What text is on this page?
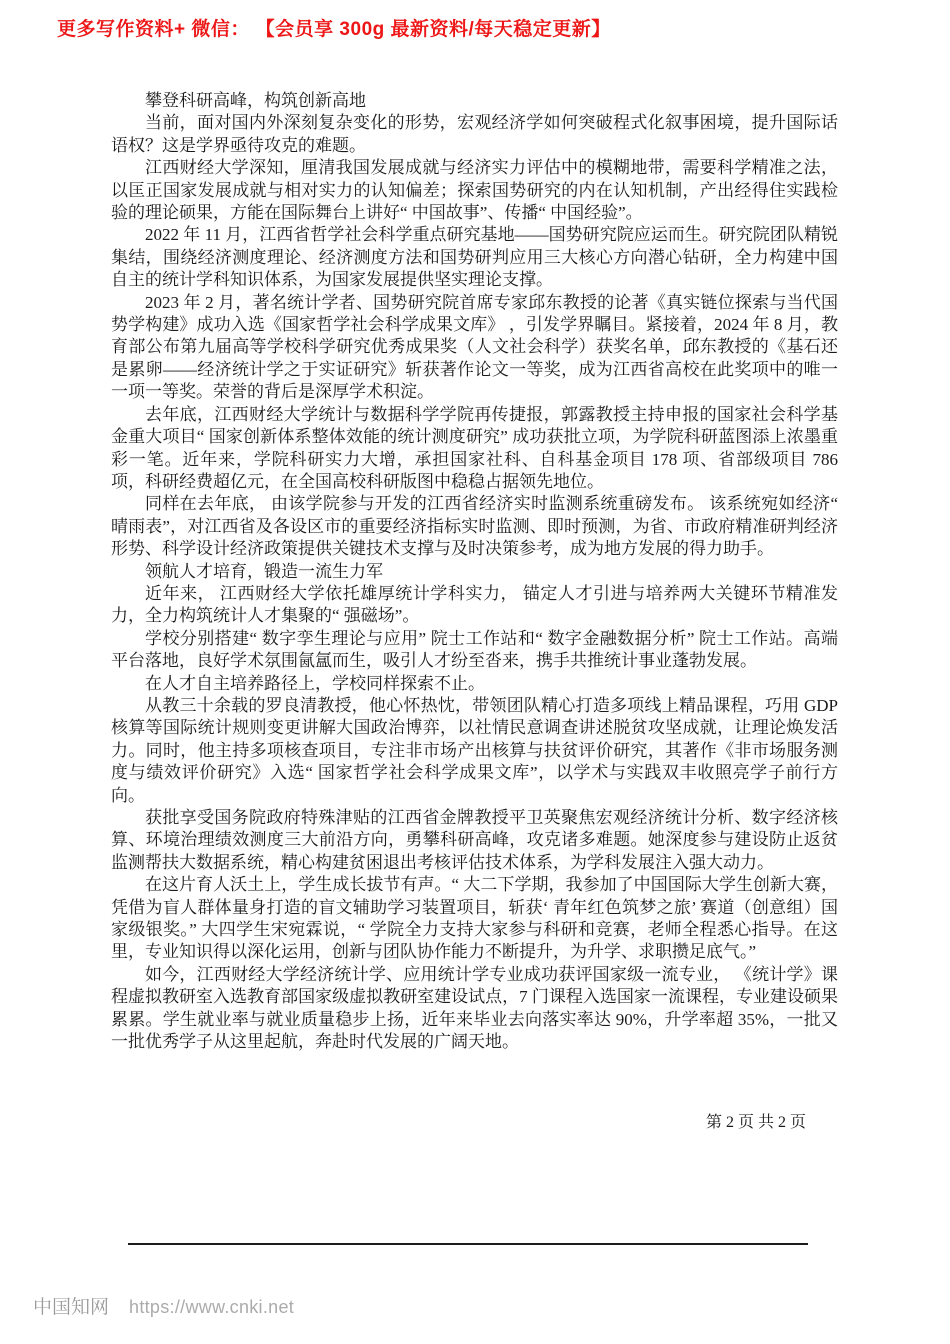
更多写作资料+ 微信： 【会员享 300g 最新资料/每天稳定更新】

攀登科研高峰，构筑创新高地

当前，面对国内外深刻复杂变化的形势，宏观经济学如何突破程式化叙事困境，提升国际话语权？这是学界亟待攻克的难题。

江西财经大学深知，厘清我国发展成就与经济实力评估中的模糊地带，需要科学精准之法，以匡正国家发展成就与相对实力的认知偏差；探索国势研究的内在认知机制，产出经得住实践检验的理论硕果，方能在国际舞台上讲好“ 中国故事”、传播“ 中国经验”。

2022 年 11 月，江西省哲学社会科学重点研究基地——国势研究院应运而生。研究院团队精锐集结，围绕经济测度理论、经济测度方法和国势研判应用三大核心方向潜心钻研，全力构建中国自主的统计学科知识体系，为国家发展提供坚实理论支撑。

2023 年 2 月，著名统计学者、国势研究院首席专家邱东教授的论著《真实链位探索与当代国势学构建》成功入选《国家哲学社会科学成果文库》 ，引发学界瞩目。紧接着，2024 年 8 月，教育部公布第九届高等学校科学研究优秀成果奖（人文社会科学）获奖名单，邱东教授的《基石还是累卵——经济统计学之于实证研究》斩获著作论文一等奖，成为江西省高校在此奖项中的唯一一项一等奖。荣誉的背后是深厚学术积淀。

去年底，江西财经大学统计与数据科学学院再传捷报，郭露教授主持申报的国家社会科学基金重大项目“ 国家创新体系整体效能的统计测度研究” 成功获批立项，为学院科研蓝图添上浓墨重彩一笔。近年来，学院科研实力大增，承担国家社科、自科基金项目 178 项、省部级项目 786 项，科研经费超亿元，在全国高校科研版图中稳稳占据领先地位。

同样在去年底， 由该学院参与开发的江西省经济实时监测系统重磅发布。 该系统宛如经济“ 晴雨表”，对江西省及各设区市的重要经济指标实时监测、即时预测，为省、市政府精准研判经济形势、科学设计经济政策提供关键技术支撑与及时决策参考，成为地方发展的得力助手。

领航人才培育，锻造一流生力军

近年来， 江西财经大学依托雄厚统计学科实力， 锚定人才引进与培养两大关键环节精准发力，全力构筑统计人才集聚的“ 强磁场”。

学校分别搭建“ 数字孪生理论与应用” 院士工作站和“ 数字金融数据分析” 院士工作站。高端平台落地，良好学术氛围氤氲而生，吸引人才纷至沓来，携手共推统计事业蓬勃发展。

在人才自主培养路径上，学校同样探索不止。

从教三十余载的罗良清教授，他心怀热忱，带领团队精心打造多项线上精品课程，巧用 GDP 核算等国际统计规则变更讲解大国政治博弈，以社情民意调查讲述脱贫攻坚成就，让理论焕发活力。同时，他主持多项核查项目，专注非市场产出核算与扶贫评价研究，其著作《非市场服务测度与绩效评价研究》入选“ 国家哲学社会科学成果文库”，以学术与实践双丰收照亮学子前行方向。

获批享受国务院政府特殊津贴的江西省金牌教授平卫英聚焦宏观经济统计分析、数字经济核算、环境治理绩效测度三大前沿方向，勇攀科研高峰，攻克诸多难题。她深度参与建设防止返贫监测帮扶大数据系统，精心构建贫困退出考核评估技术体系，为学科发展注入强大动力。

在这片育人沃土上，学生成长拔节有声。“ 大二下学期，我参加了中国国际大学生创新大赛，凭借为盲人群体量身打造的盲文辅助学习装置项目，斩获‘ 青年红色筑梦之旅’ 赛道（创意组）国家级银奖。” 大四学生宋宛霖说，“ 学院全力支持大家参与科研和竞赛，老师全程悉心指导。在这里，专业知识得以深化运用，创新与团队协作能力不断提升，为升学、求职攒足底气。”

如今，江西财经大学经济统计学、应用统计学专业成功获评国家级一流专业， 《统计学》课程虚拟教研室入选教育部国家级虚拟教研室建设试点，7 门课程入选国家一流课程，专业建设硕果累累。学生就业率与就业质量稳步上扬，近年来毕业去向落实率达 90%，升学率超 35%，一批又一批优秀学子从这里起航，奔赴时代发展的广阔天地。

第 2 页 共 2 页
中国知网 https://www.cnki.net
